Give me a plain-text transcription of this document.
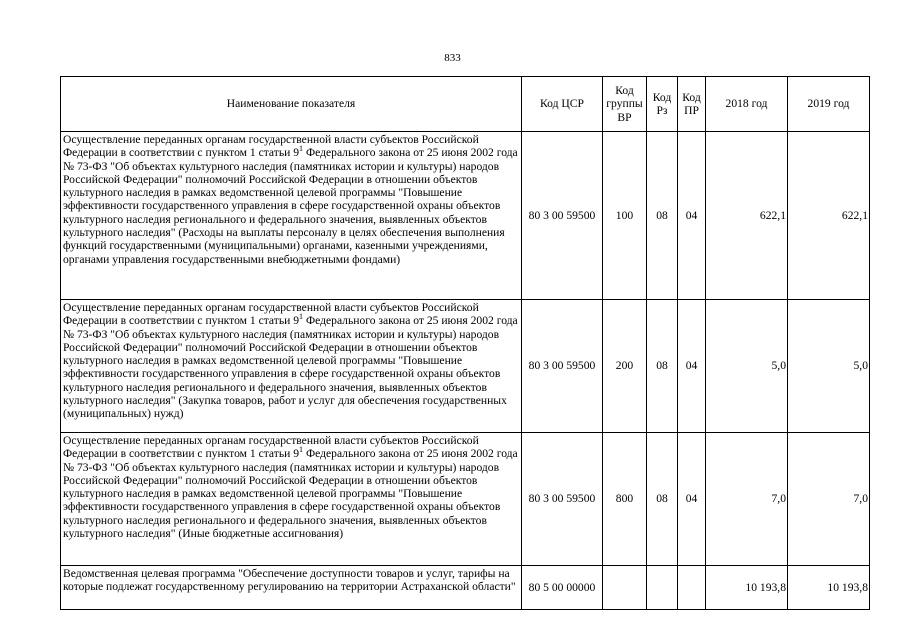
833
Наименование показателя	Код ЦСР	Код группы ВР	Код Рз	Код ПР	2018 год	2019 год
Осуществление переданных органам государственной власти субъектов Российской Федерации в соответствии с пунктом 1 статьи $9^1$ Федерального закона от 25 июня 2002 года № 73-ФЗ "Об объектах культурного наследия (памятниках истории и культуры) народов Российской Федерации" полномочий Российской Федерации в отношении объектов культурного наследия в рамках ведомственной целевой программы "Повышение эффективности государственного управления в сфере государственной охраны объектов культурного наследия регионального и федерального значения, выявленных объектов культурного наследия" (Расходы на выплаты персоналу в целях обеспечения выполнения функций государственными (муниципальными) органами, казенными учреждениями, органами управления государственными внебюджетными фондами)	80 3 00 59500	100	08	04	622,1	622,1
Осуществление переданных органам государственной власти субъектов Российской Федерации в соответствии с пунктом 1 статьи $9^1$ Федерального закона от 25 июня 2002 года № 73-ФЗ "Об объектах культурного наследия (памятниках истории и культуры) народов Российской Федерации" полномочий Российской Федерации в отношении объектов культурного наследия в рамках ведомственной целевой программы "Повышение эффективности государственного управления в сфере государственной охраны объектов культурного наследия регионального и федерального значения, выявленных объектов культурного наследия" (Закупка товаров, работ и услуг для обеспечения государственных (муниципальных) нужд)	80 3 00 59500	200	08	04	5,0	5,0
Осуществление переданных органам государственной власти субъектов Российской Федерации в соответствии с пунктом 1 статьи $9^1$ Федерального закона от 25 июня 2002 года № 73-ФЗ "Об объектах культурного наследия (памятниках истории и культуры) народов Российской Федерации" полномочий Российской Федерации в отношении объектов культурного наследия в рамках ведомственной целевой программы "Повышение эффективности государственного управления в сфере государственной охраны объектов культурного наследия регионального и федерального значения, выявленных объектов культурного наследия" (Иные бюджетные ассигнования)	80 3 00 59500	800	08	04	7,0	7,0
Ведомственная целевая программа "Обеспечение доступности товаров и услуг, тарифы на которые подлежат государственному регулированию на территории Астраханской области"	80 5 00 00000				10 193,8	10 193,8
